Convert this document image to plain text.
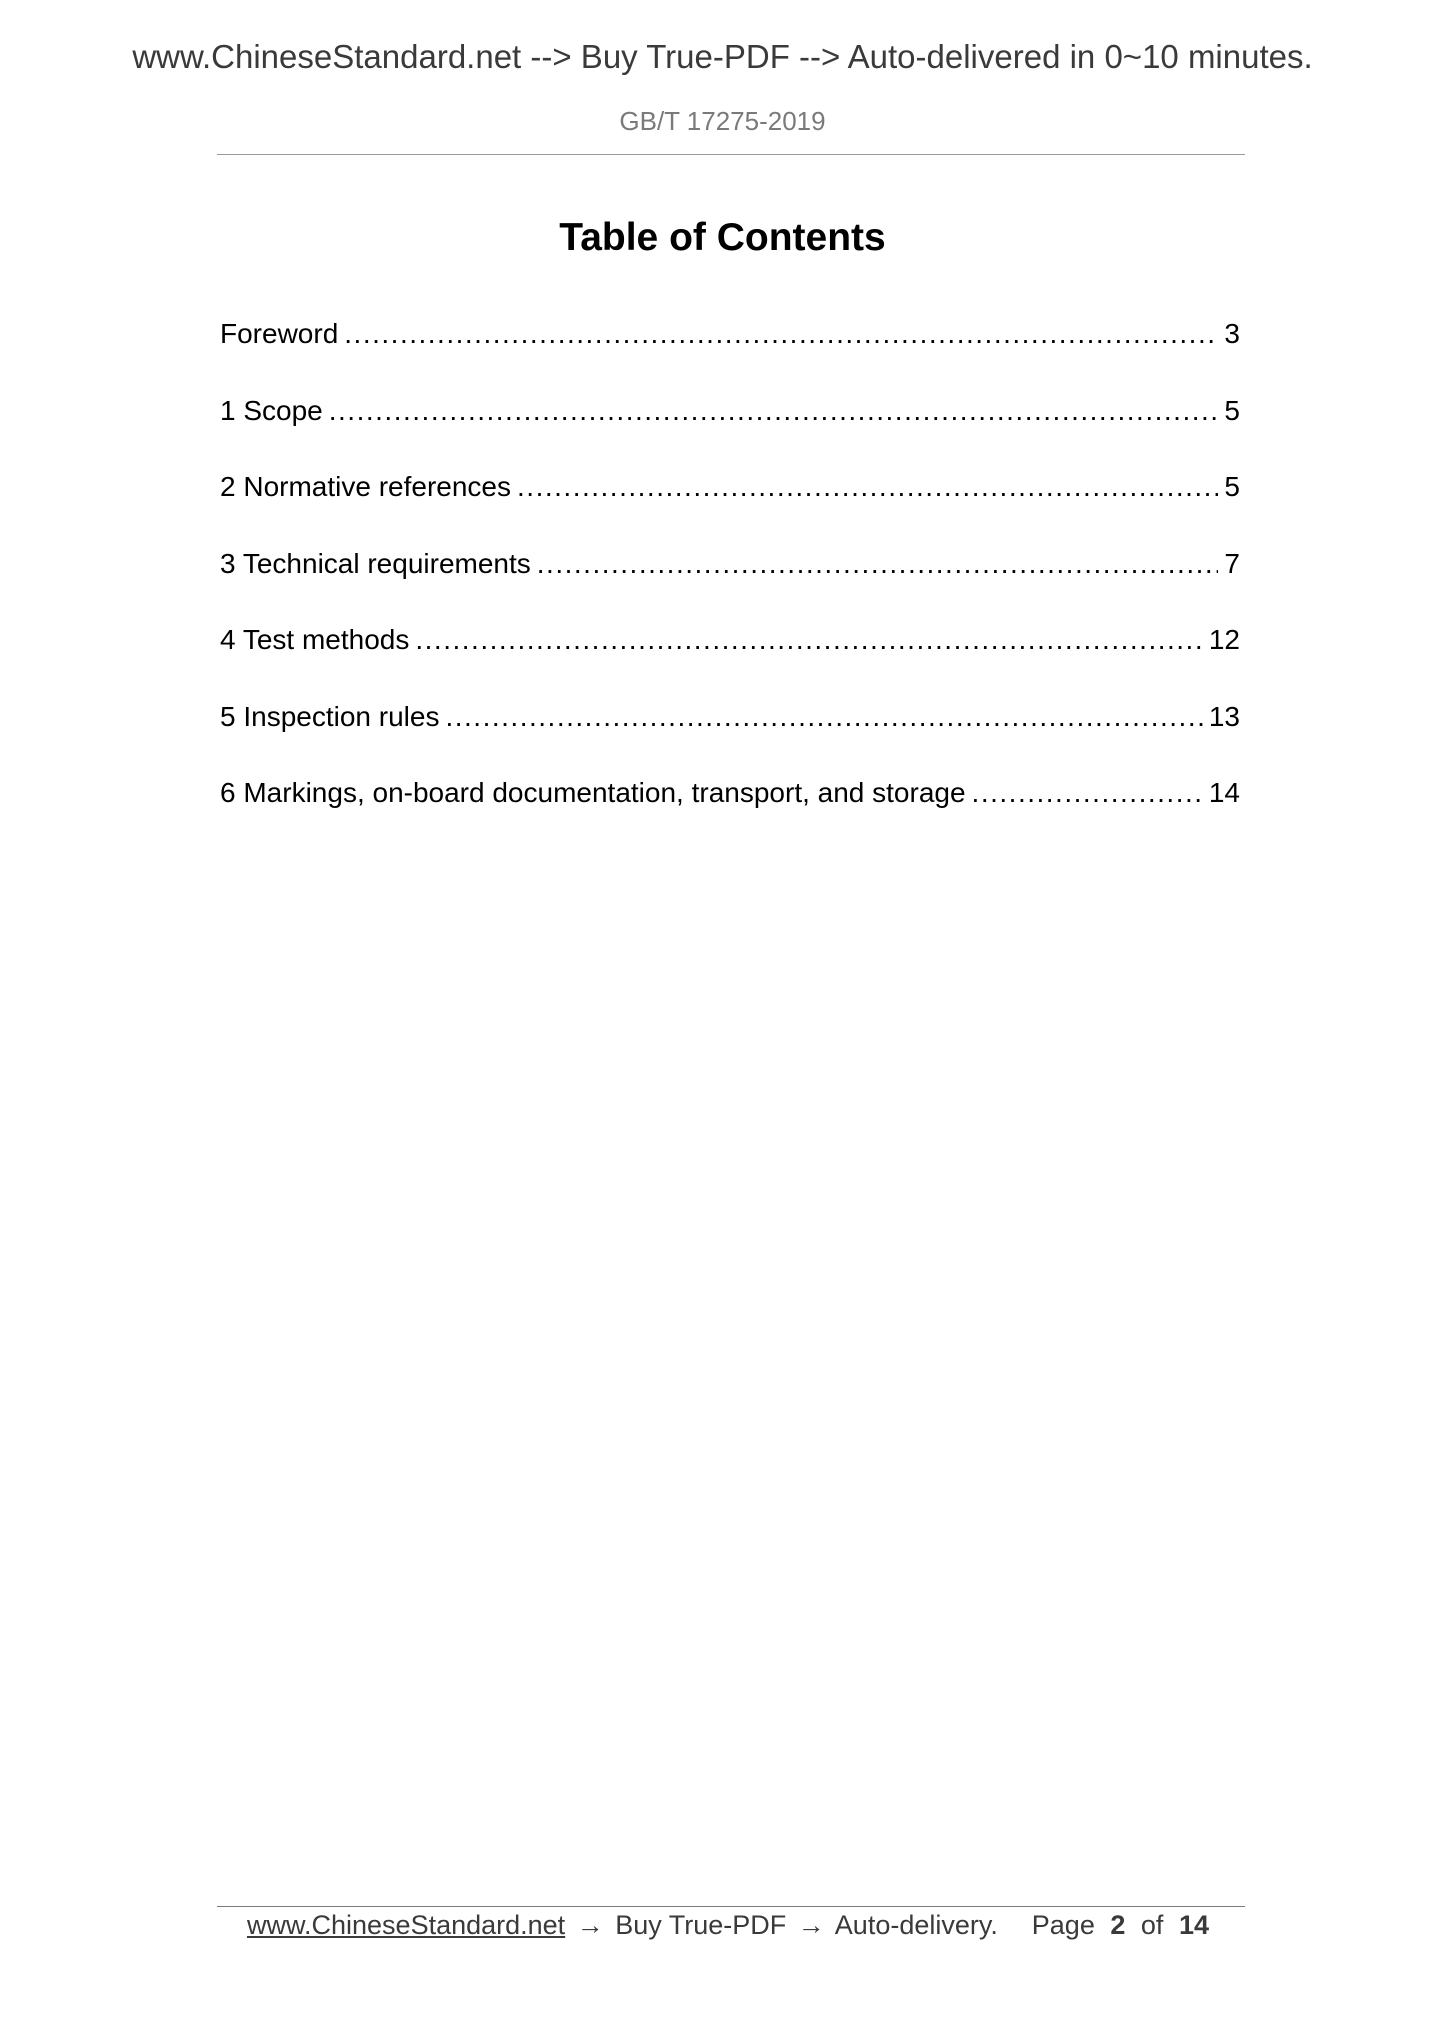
www.ChineseStandard.net --> Buy True-PDF --> Auto-delivered in 0~10 minutes.
GB/T 17275-2019
Table of Contents
Foreword .....	3
1 Scope .....	5
2 Normative references .....	5
3 Technical requirements .....	7
4 Test methods .....	12
5 Inspection rules .....	13
6 Markings, on-board documentation, transport, and storage .....	14
www.ChineseStandard.net → Buy True-PDF → Auto-delivery. Page 2 of 14
